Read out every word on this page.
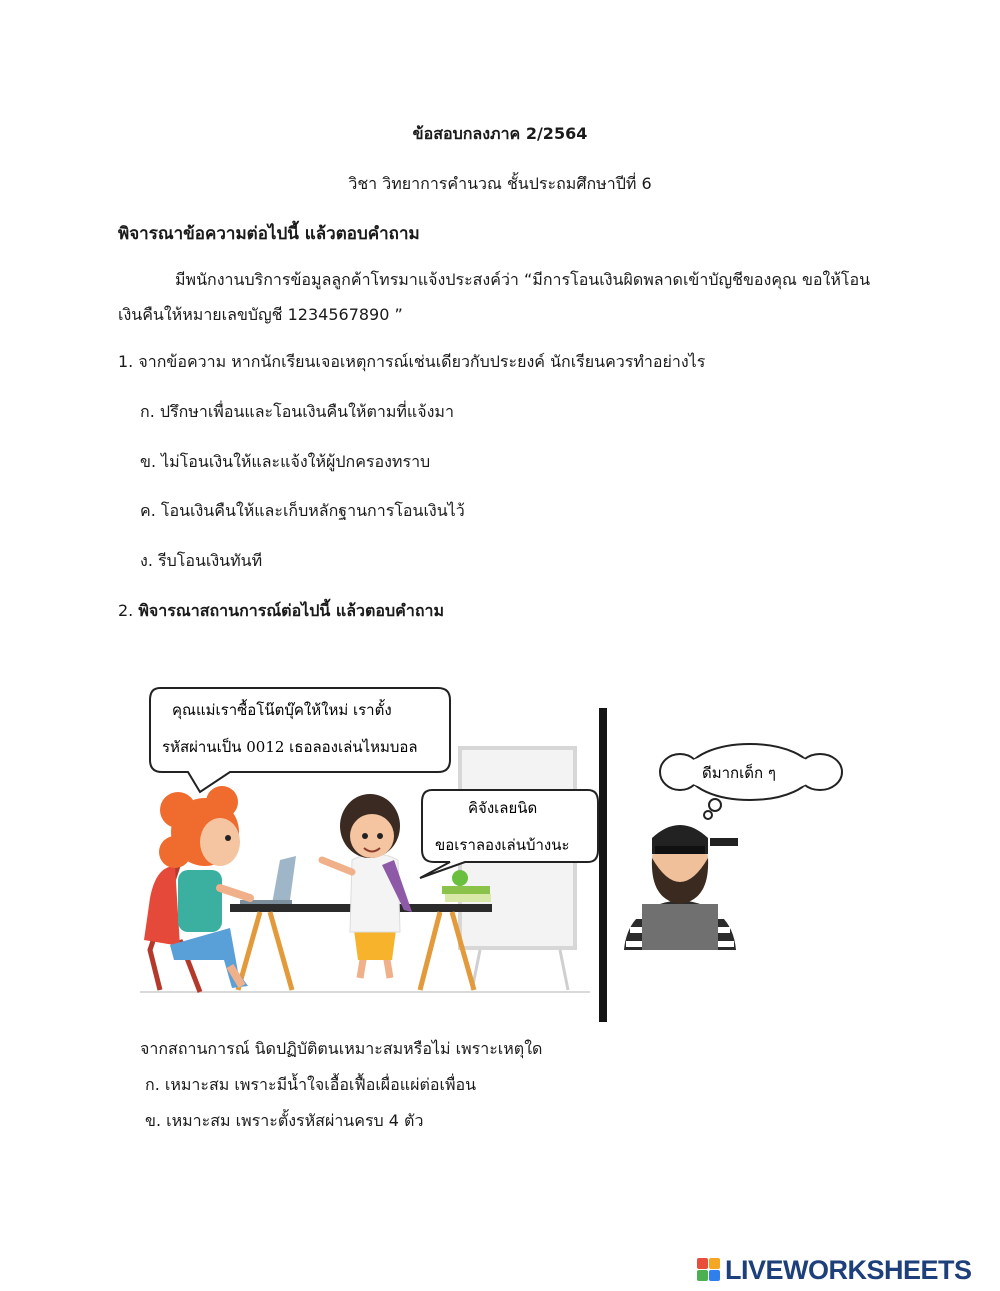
ข้อสอบกลงภาค 2/2564
วิชา วิทยาการคำนวณ ชั้นประถมศึกษาปีที่ 6
พิจารณาข้อความต่อไปนี้ แล้วตอบคำถาม
มีพนักงานบริการข้อมูลลูกค้าโทรมาแจ้งประสงค์ว่า “มีการโอนเงินผิดพลาดเข้าบัญชีของคุณ ขอให้โอน
เงินคืนให้หมายเลขบัญชี 1234567890 ”
1. จากข้อความ หากนักเรียนเจอเหตุการณ์เช่นเดียวกับประยงค์ นักเรียนควรทำอย่างไร
ก. ปรึกษาเพื่อนและโอนเงินคืนให้ตามที่แจ้งมา
ข. ไม่โอนเงินให้และแจ้งให้ผู้ปกครองทราบ
ค. โอนเงินคืนให้และเก็บหลักฐานการโอนเงินไว้
ง. รีบโอนเงินทันที
2. พิจารณาสถานการณ์ต่อไปนี้ แล้วตอบคำถาม
คุณแม่เราซื้อโน๊ตบุ๊คให้ใหม่ เราตั้ง
รหัสผ่านเป็น 0012 เธอลองเล่นไหมบอล
คิจังเลยนิด
ขอเราลองเล่นบ้างนะ
ดีมากเด็ก ๆ
จากสถานการณ์ นิดปฏิบัติตนเหมาะสมหรือไม่ เพราะเหตุใด
ก. เหมาะสม เพราะมีน้ำใจเอื้อเฟื้อเผื่อแผ่ต่อเพื่อน
ข. เหมาะสม เพราะตั้งรหัสผ่านครบ 4 ตัว
LIVEWORKSHEETS
